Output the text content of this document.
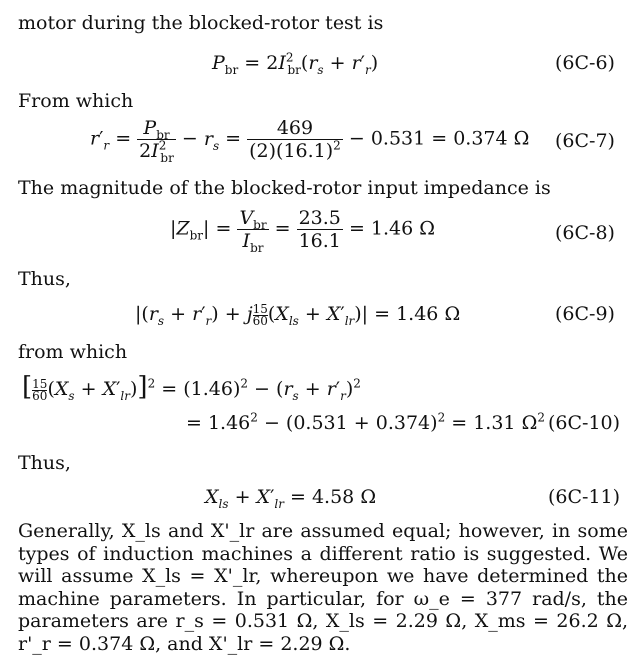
motor during the blocked-rotor test is
$P_{br} = 2I^2_{br}(r_s + r'_r)$	(6C-6)
From which
$r'_r = \frac{P_{br}}{2I^2_{br}} - r_s = \frac{469}{(2)(16.1)^2} - 0.531 = 0.374$ Ω (6C-7)
The magnitude of the blocked-rotor input impedance is
$|Z_{br}| = \frac{V_{br}}{I_{br}} = \frac{23.5}{16.1} = 1.46$ Ω	(6C-8)
Thus,
$|(r_s + r'_r) + j \frac{15}{60} (X_{ls} + X'_{lr})| = 1.46$ Ω	(6C-9)
from which
[ $\frac{15}{60} (X_s + X'_{lr})]^2 = (1.46)^2 - (r_s + r'_r)^2$
= $1.46^2 - (0.531 + 0.374)^2 = 1.31$ $\Omega^2$ (6C-10)
Thus,
$X_{ls} + X'_{lr} = 4.58$ Ω	(6C-11)
Generally, X_ls and X'_lr are assumed equal; however, in some types of induction machines a different ratio is suggested. We will assume X_ls = X'_lr, whereupon we have determined the machine parameters. In particular, for ω_e = 377 rad/s, the parameters are r_s = 0.531 Ω, X_ls = 2.29 Ω, X_ms = 26.2 Ω, r'_r = 0.374 Ω, and X'_lr = 2.29 Ω.
